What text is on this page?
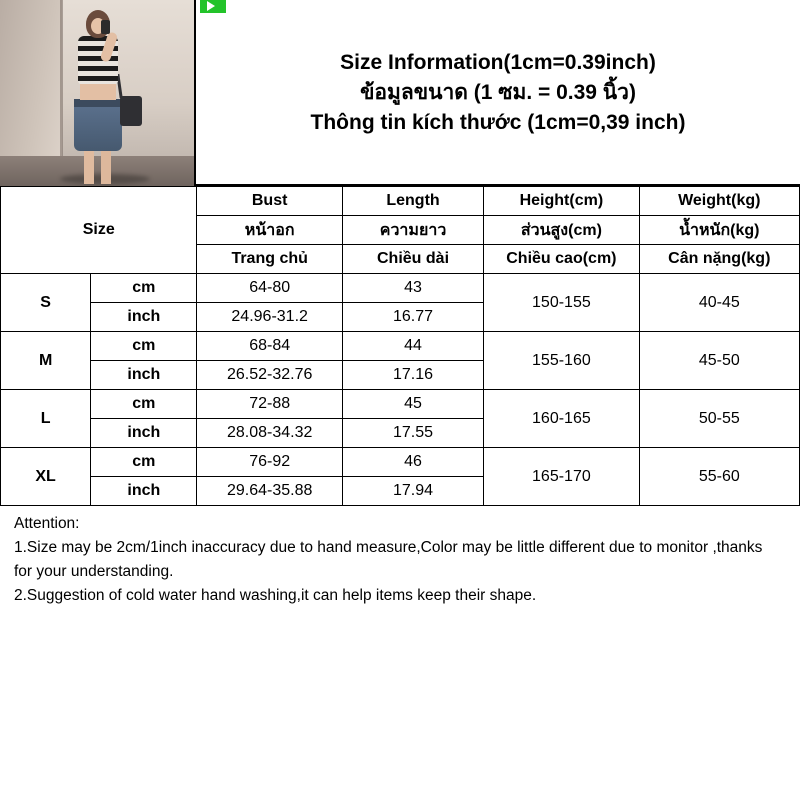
Size Information(1cm=0.39inch)
ข้อมูลขนาด (1 ซม. = 0.39 นิ้ว)
Thông tin kích thước (1cm=0,39 inch)
Size		Bust	Length	Height(cm)	Weight(kg)
		หน้าอก	ความยาว	ส่วนสูง(cm)	น้ำหนัก(kg)
		Trang chủ	Chiều dài	Chiều cao(cm)	Cân nặng(kg)
S	cm	64-80	43	150-155	40-45
	inch	24.96-31.2	16.77		
M	cm	68-84	44	155-160	45-50
	inch	26.52-32.76	17.16		
L	cm	72-88	45	160-165	50-55
	inch	28.08-34.32	17.55		
XL	cm	76-92	46	165-170	55-60
	inch	29.64-35.88	17.94		
Attention:
1.Size may be 2cm/1inch inaccuracy due to hand measure,Color may be little different due to monitor ,thanks for your understanding.
2.Suggestion of cold water hand washing,it can help items keep their shape.
